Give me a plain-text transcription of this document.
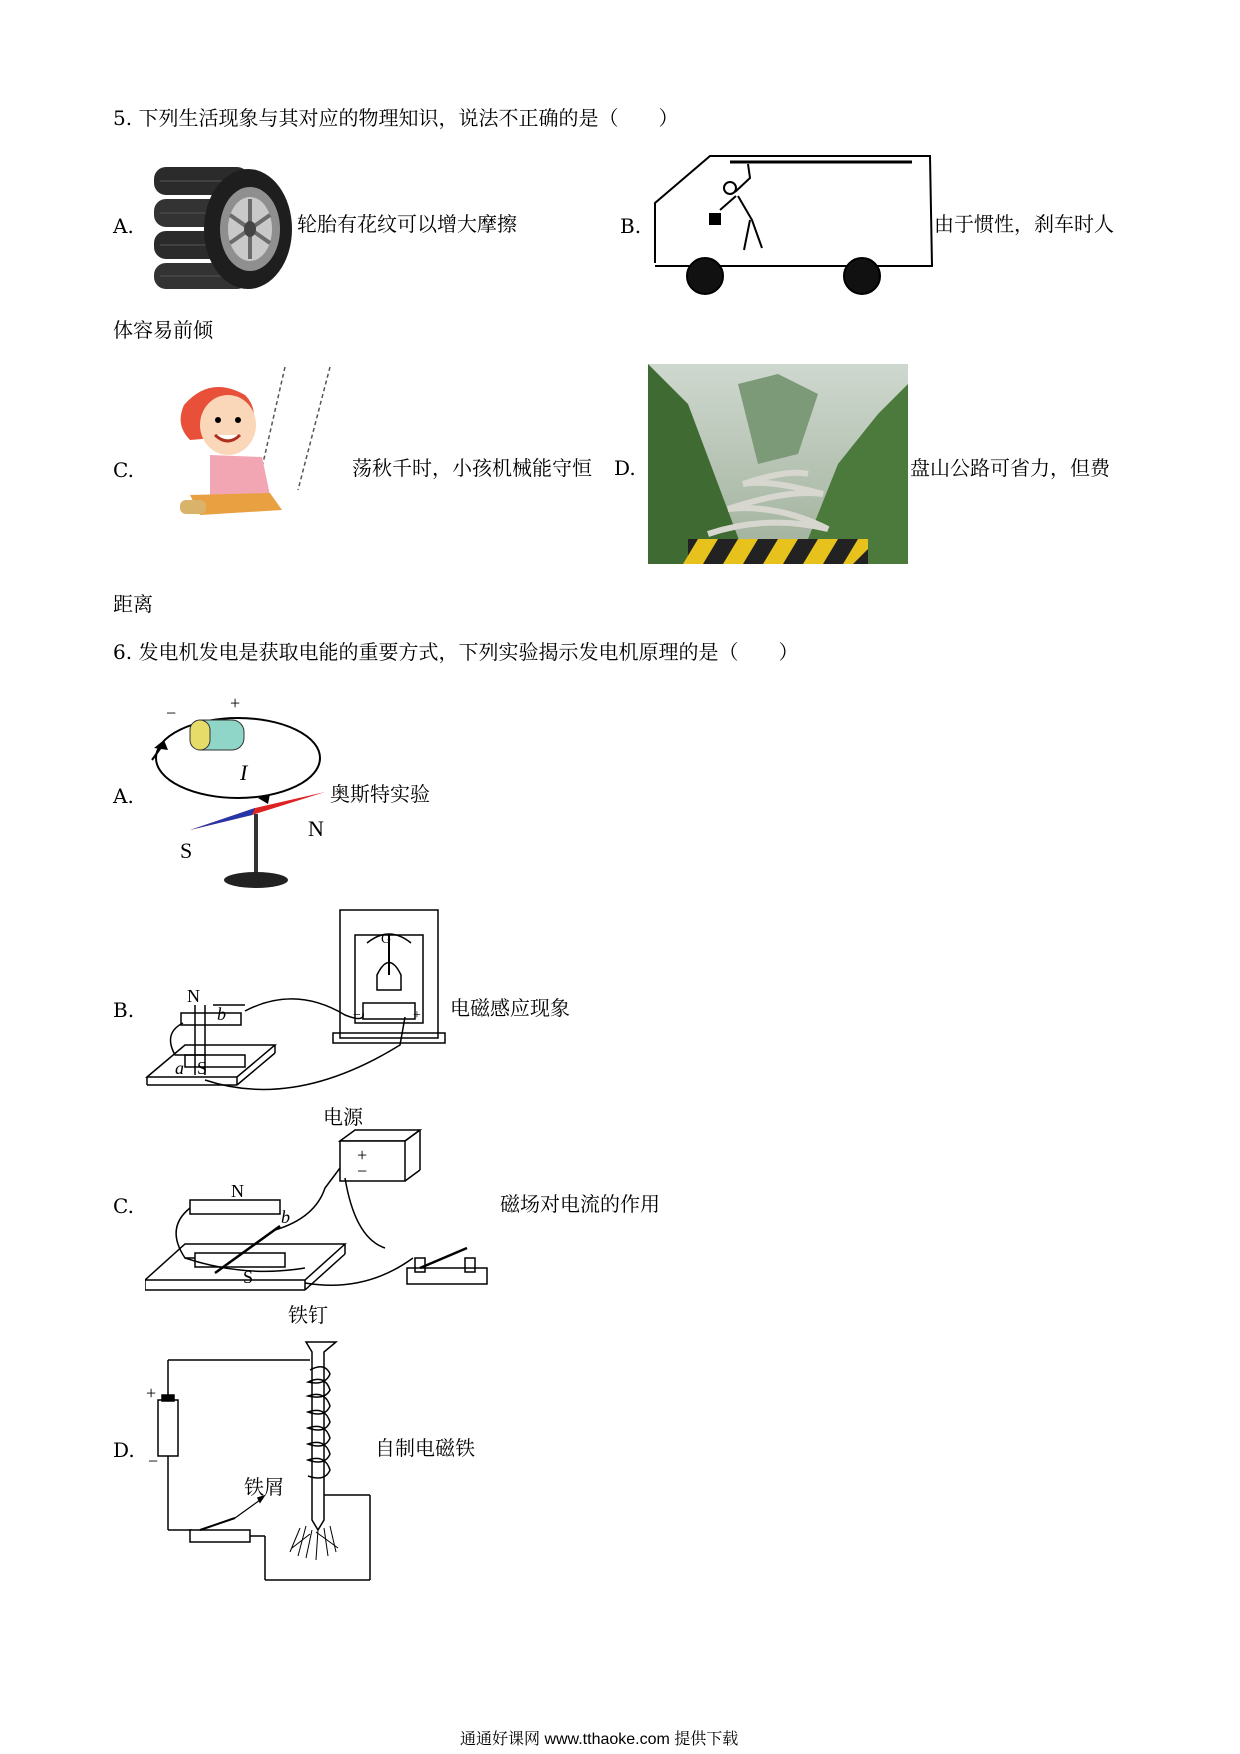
5. 下列生活现象与其对应的物理知识，说法不正确的是（　　）
A.	轮胎有花纹可以增大摩擦	B.	由于惯性，刹车时人
体容易前倾
C.	荡秋千时，小孩机械能守恒 D.	盘山公路可省力，但费
距离
6. 发电机发电是获取电能的重要方式，下列实验揭示发电机原理的是（　　）
A.
−	+
I
S
N
奥斯特实验
B.
N
b
a S
G
−	+ 电磁感应现象
C.
电源
+
−
N
b
S
磁场对电流的作用
D.
铁钉
铁屑
+
−
自制电磁铁
通通好课网 www.tthaoke.com 提供下载
